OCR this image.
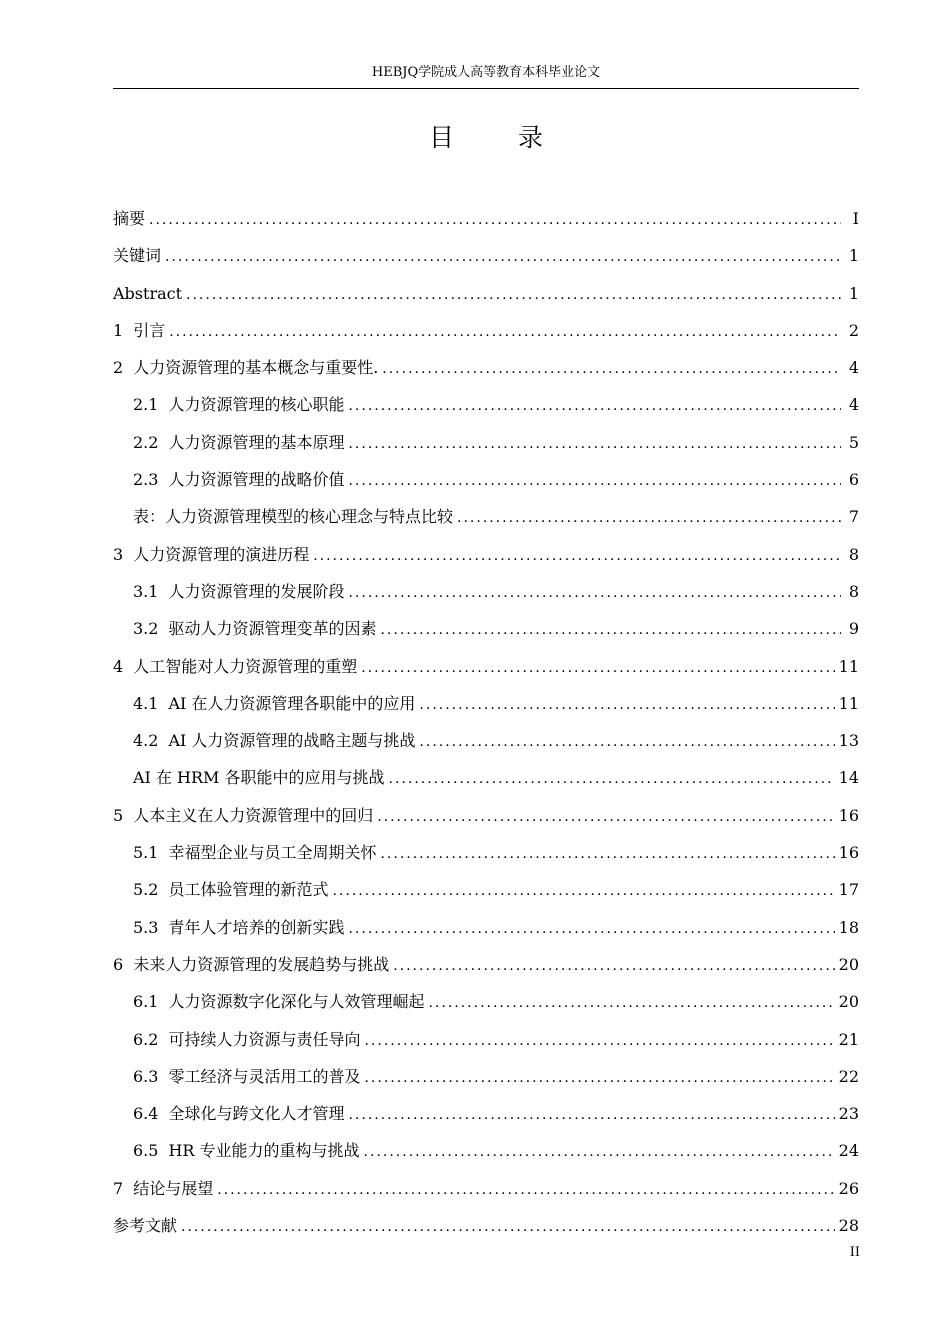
HEBJQ学院成人高等教育本科毕业论文
目 录
摘要 .....	I
关键词 .....	1
Abstract .....	1
1 引言 .....	2
2 人力资源管理的基本概念与重要性. .....	4
2.1 人力资源管理的核心职能 .....	4
2.2 人力资源管理的基本原理 .....	5
2.3 人力资源管理的战略价值 .....	6
表：人力资源管理模型的核心理念与特点比较 .....	7
3 人力资源管理的演进历程 .....	8
3.1 人力资源管理的发展阶段 .....	8
3.2 驱动人力资源管理变革的因素 .....	9
4 人工智能对人力资源管理的重塑 .....	11
4.1 AI 在人力资源管理各职能中的应用 .....	11
4.2 AI 人力资源管理的战略主题与挑战 .....	13
AI 在 HRM 各职能中的应用与挑战 .....	14
5 人本主义在人力资源管理中的回归 .....	16
5.1 幸福型企业与员工全周期关怀 .....	16
5.2 员工体验管理的新范式 .....	17
5.3 青年人才培养的创新实践 .....	18
6 未来人力资源管理的发展趋势与挑战 .....	20
6.1 人力资源数字化深化与人效管理崛起 .....	20
6.2 可持续人力资源与责任导向 .....	21
6.3 零工经济与灵活用工的普及 .....	22
6.4 全球化与跨文化人才管理 .....	23
6.5 HR 专业能力的重构与挑战 .....	24
7 结论与展望 .....	26
参考文献 .....	28
II
